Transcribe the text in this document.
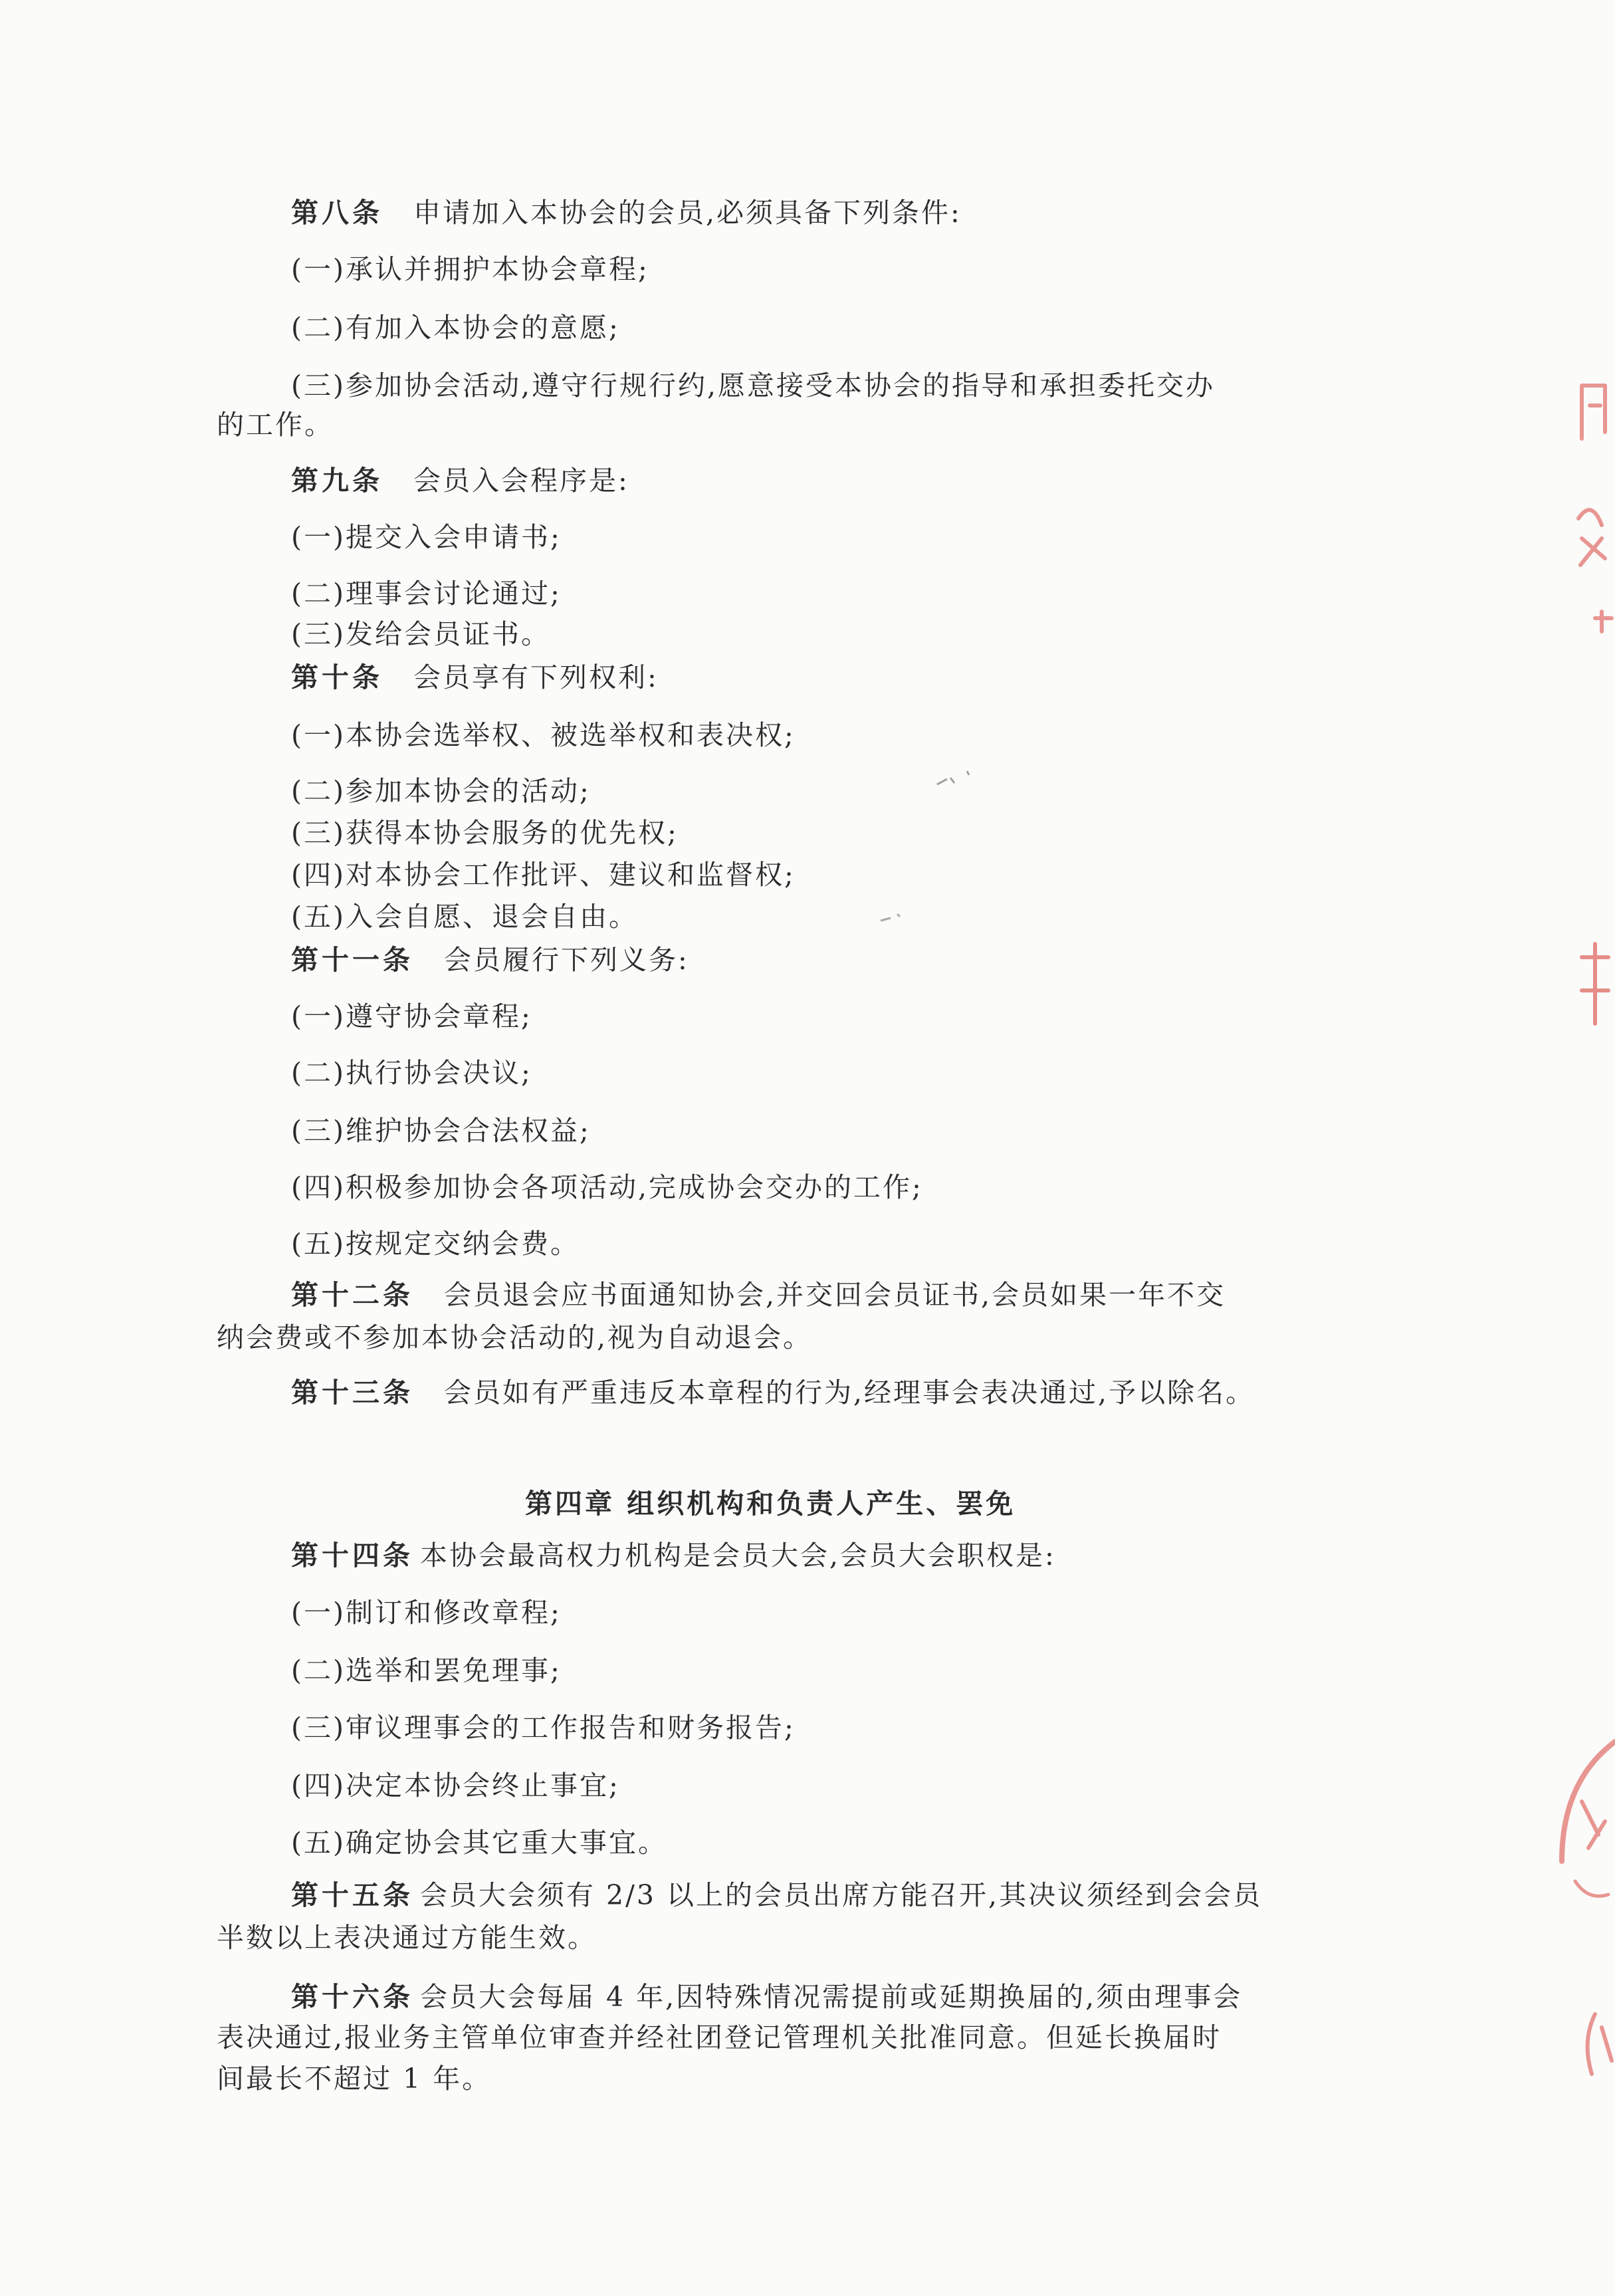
第八条 申请加入本协会的会员,必须具备下列条件:
(一)承认并拥护本协会章程;
(二)有加入本协会的意愿;
(三)参加协会活动,遵守行规行约,愿意接受本协会的指导和承担委托交办
的工作。
第九条 会员入会程序是:
(一)提交入会申请书;
(二)理事会讨论通过;
(三)发给会员证书。
第十条 会员享有下列权利:
(一)本协会选举权、被选举权和表决权;
(二)参加本协会的活动;
(三)获得本协会服务的优先权;
(四)对本协会工作批评、建议和监督权;
(五)入会自愿、退会自由。
第十一条 会员履行下列义务:
(一)遵守协会章程;
(二)执行协会决议;
(三)维护协会合法权益;
(四)积极参加协会各项活动,完成协会交办的工作;
(五)按规定交纳会费。
第十二条 会员退会应书面通知协会,并交回会员证书,会员如果一年不交
纳会费或不参加本协会活动的,视为自动退会。
第十三条 会员如有严重违反本章程的行为,经理事会表决通过,予以除名。
第四章 组织机构和负责人产生、罢免
第十四条 本协会最高权力机构是会员大会,会员大会职权是:
(一)制订和修改章程;
(二)选举和罢免理事;
(三)审议理事会的工作报告和财务报告;
(四)决定本协会终止事宜;
(五)确定协会其它重大事宜。
第十五条 会员大会须有 2/3 以上的会员出席方能召开,其决议须经到会会员
半数以上表决通过方能生效。
第十六条 会员大会每届 4 年,因特殊情况需提前或延期换届的,须由理事会
表决通过,报业务主管单位审查并经社团登记管理机关批准同意。但延长换届时
间最长不超过 1 年。
